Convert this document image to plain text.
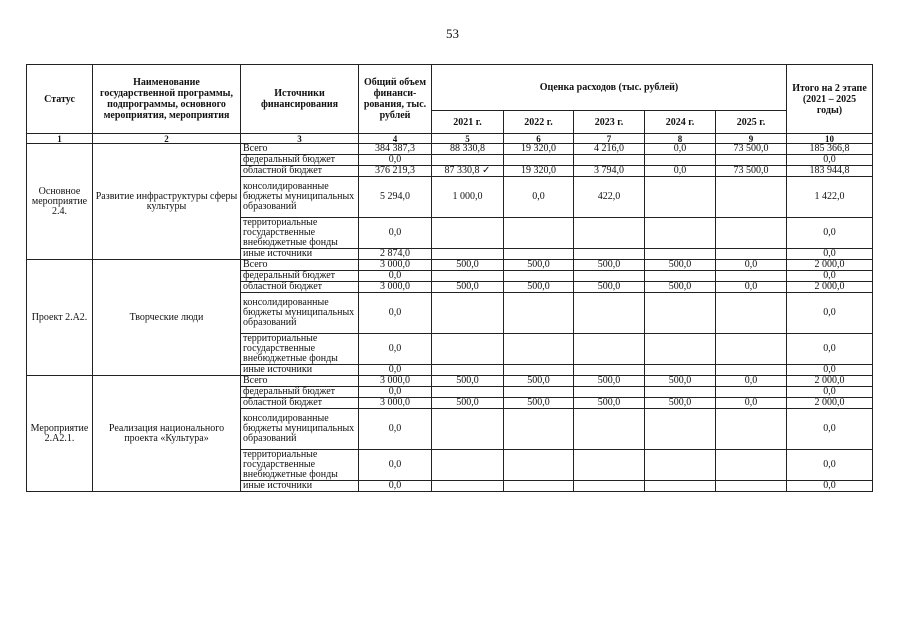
53
Статус	Наименование государственной программы, подпрограммы, основного мероприятия, мероприятия	Источники финансирования	Общий объем финанси-рования, тыс. рублей	Оценка расходов (тыс. рублей)					Итого на 2 этапе (2021 – 2025 годы)
				2021 г.	2022 г.	2023 г.	2024 г.	2025 г.	
1	2	3	4	5	6	7	8	9	10
Основное мероприятие 2.4.	Развитие инфраструктуры сферы культуры	Всего	384 387,3	88 330,8	19 320,0	4 216,0	0,0	73 500,0	185 366,8
		федеральный бюджет	0,0						0,0
		областной бюджет	376 219,3	87 330,8 ✓	19 320,0	3 794,0	0,0	73 500,0	183 944,8
		консолидированные бюджеты муниципальных образований	5 294,0	1 000,0	0,0	422,0			1 422,0
		территориальные государственные внебюджетные фонды	0,0						0,0
		иные источники	2 874,0						0,0
Проект 2.А2.	Творческие люди	Всего	3 000,0	500,0	500,0	500,0	500,0	0,0	2 000,0
		федеральный бюджет	0,0						0,0
		областной бюджет	3 000,0	500,0	500,0	500,0	500,0	0,0	2 000,0
		консолидированные бюджеты муниципальных образований	0,0						0,0
		территориальные государственные внебюджетные фонды	0,0						0,0
		иные источники	0,0						0,0
Мероприятие 2.А2.1.	Реализация национального проекта «Культура»	Всего	3 000,0	500,0	500,0	500,0	500,0	0,0	2 000,0
		федеральный бюджет	0,0						0,0
		областной бюджет	3 000,0	500,0	500,0	500,0	500,0	0,0	2 000,0
		консолидированные бюджеты муниципальных образований	0,0						0,0
		территориальные государственные внебюджетные фонды	0,0						0,0
		иные источники	0,0						0,0
